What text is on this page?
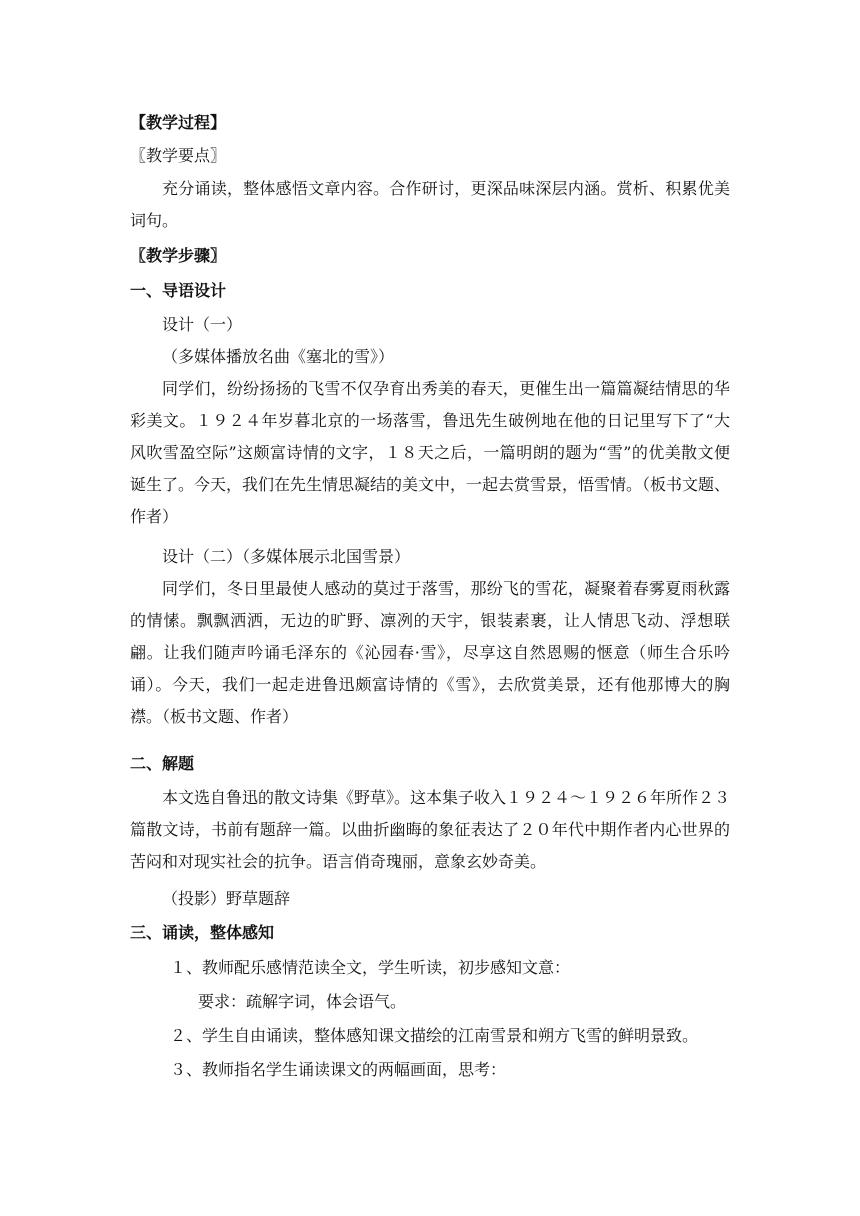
【教学过程】
〖教学要点〗
充分诵读，整体感悟文章内容。合作研讨，更深品味深层内涵。赏析、积累优美词句。
〖教学步骤〗
一、导语设计
设计（一）
（多媒体播放名曲《塞北的雪》）
同学们，纷纷扬扬的飞雪不仅孕育出秀美的春天，更催生出一篇篇凝结情思的华彩美文。１９２４年岁暮北京的一场落雪，鲁迅先生破例地在他的日记里写下了“大风吹雪盈空际”这颇富诗情的文字，１８天之后，一篇明朗的题为“雪”的优美散文便诞生了。今天，我们在先生情思凝结的美文中，一起去赏雪景，悟雪情。（板书文题、作者）
设计（二）（多媒体展示北国雪景）
同学们，冬日里最使人感动的莫过于落雪，那纷飞的雪花，凝聚着春雾夏雨秋露的情愫。飘飘洒洒，无边的旷野、凛冽的天宇，银装素裹，让人情思飞动、浮想联翩。让我们随声吟诵毛泽东的《沁园春·雪》，尽享这自然恩赐的惬意（师生合乐吟诵）。今天，我们一起走进鲁迅颇富诗情的《雪》，去欣赏美景，还有他那博大的胸襟。（板书文题、作者）
二、解题
本文选自鲁迅的散文诗集《野草》。这本集子收入１９２４～１９２６年所作２３篇散文诗，书前有题辞一篇。以曲折幽晦的象征表达了２０年代中期作者内心世界的苦闷和对现实社会的抗争。语言俏奇瑰丽，意象玄妙奇美。
（投影）野草题辞
三、诵读，整体感知
１、教师配乐感情范读全文，学生听读，初步感知文意：
要求：疏解字词，体会语气。
２、学生自由诵读，整体感知课文描绘的江南雪景和朔方飞雪的鲜明景致。
３、教师指名学生诵读课文的两幅画面，思考：
